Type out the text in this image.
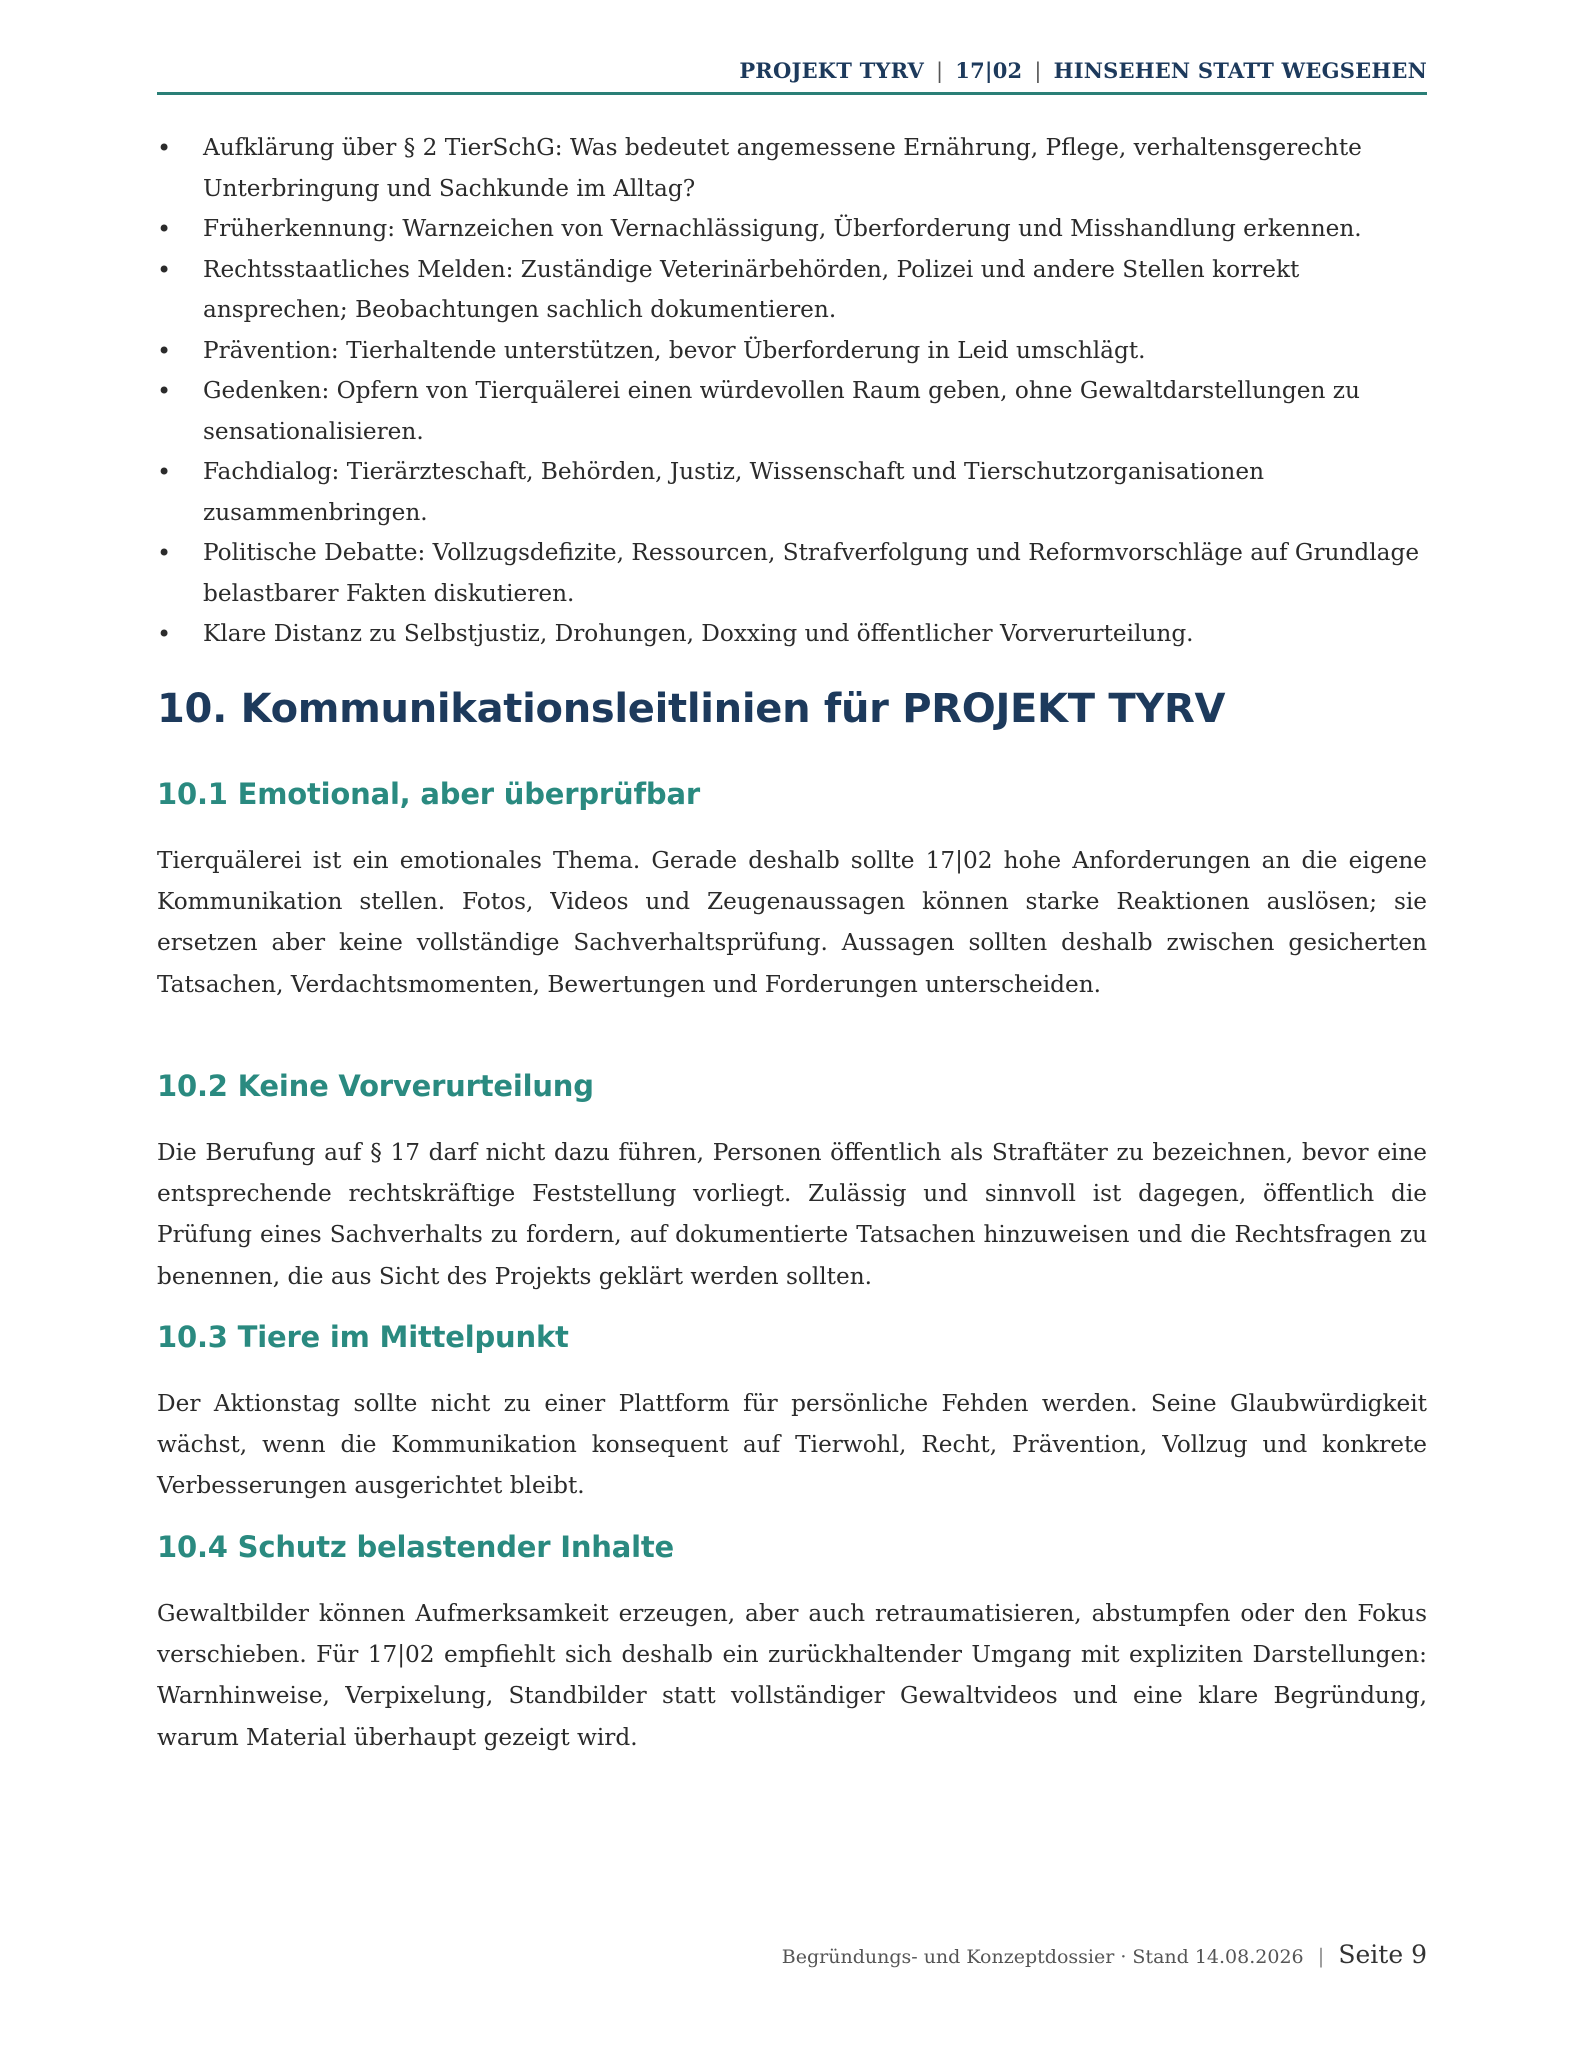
PROJEKT TYRV | 17|02 | HINSEHEN STATT WEGSEHEN
• Aufklärung über § 2 TierSchG: Was bedeutet angemessene Ernährung, Pflege, verhaltensgerechte Unterbringung und Sachkunde im Alltag?
• Früherkennung: Warnzeichen von Vernachlässigung, Überforderung und Misshandlung erkennen.
• Rechtsstaatliches Melden: Zuständige Veterinärbehörden, Polizei und andere Stellen korrekt ansprechen; Beobachtungen sachlich dokumentieren.
• Prävention: Tierhaltende unterstützen, bevor Überforderung in Leid umschlägt.
• Gedenken: Opfern von Tierquälerei einen würdevollen Raum geben, ohne Gewaltdarstellungen zu sensationalisieren.
• Fachdialog: Tierärzteschaft, Behörden, Justiz, Wissenschaft und Tierschutzorganisationen zusammenbringen.
• Politische Debatte: Vollzugsdefizite, Ressourcen, Strafverfolgung und Reformvorschläge auf Grundlage belastbarer Fakten diskutieren.
• Klare Distanz zu Selbstjustiz, Drohungen, Doxxing und öffentlicher Vorverurteilung.
10. Kommunikationsleitlinien für PROJEKT TYRV
10.1 Emotional, aber überprüfbar

Tierquälerei ist ein emotionales Thema. Gerade deshalb sollte 17|02 hohe Anforderungen an die eigene Kommunikation stellen. Fotos, Videos und Zeugenaussagen können starke Reaktionen auslösen; sie ersetzen aber keine vollständige Sachverhaltsprüfung. Aussagen sollten deshalb zwischen gesicherten Tatsachen, Verdachtsmomenten, Bewertungen und Forderungen unterscheiden.

10.2 Keine Vorverurteilung

Die Berufung auf § 17 darf nicht dazu führen, Personen öffentlich als Straftäter zu bezeichnen, bevor eine entsprechende rechtskräftige Feststellung vorliegt. Zulässig und sinnvoll ist dagegen, öffentlich die Prüfung eines Sachverhalts zu fordern, auf dokumentierte Tatsachen hinzuweisen und die Rechtsfragen zu benennen, die aus Sicht des Projekts geklärt werden sollten.

10.3 Tiere im Mittelpunkt

Der Aktionstag sollte nicht zu einer Plattform für persönliche Fehden werden. Seine Glaubwürdigkeit wächst, wenn die Kommunikation konsequent auf Tierwohl, Recht, Prävention, Vollzug und konkrete Verbesserungen ausgerichtet bleibt.

10.4 Schutz belastender Inhalte

Gewaltbilder können Aufmerksamkeit erzeugen, aber auch retraumatisieren, abstumpfen oder den Fokus verschieben. Für 17|02 empfiehlt sich deshalb ein zurückhaltender Umgang mit expliziten Darstellungen: Warnhinweise, Verpixelung, Standbilder statt vollständiger Gewaltvideos und eine klare Begründung, warum Material überhaupt gezeigt wird.

Begründungs- und Konzeptdossier · Stand 14.08.2026 | Seite 9
